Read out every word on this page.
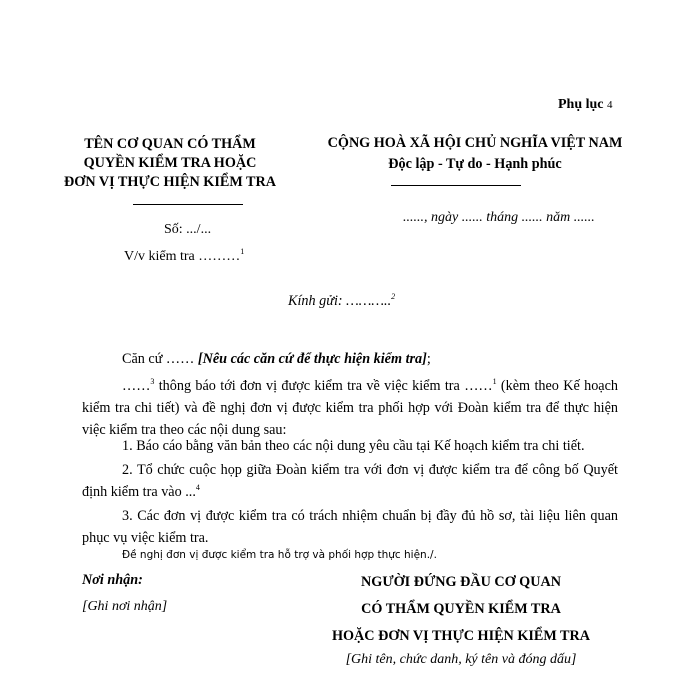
Phụ lục 4
TÊN CƠ QUAN CÓ THẨM
QUYỀN KIỂM TRA HOẶC
ĐƠN VỊ THỰC HIỆN KIỂM TRA
Số: .../...
V/v kiểm tra ………$^1$
CỘNG HOÀ XÃ HỘI CHỦ NGHĨA VIỆT NAM
Độc lập - Tự do - Hạnh phúc
......, ngày ...... tháng ...... năm ......
Kính gửi: ………..$^2$
Căn cứ …… [Nêu các căn cứ để thực hiện kiểm tra];
……$^3$ thông báo tới đơn vị được kiểm tra về việc kiểm tra ……$^1$ (kèm theo Kế hoạch kiểm tra chi tiết) và đề nghị đơn vị được kiểm tra phối hợp với Đoàn kiểm tra để thực hiện việc kiểm tra theo các nội dung sau:
1. Báo cáo bằng văn bản theo các nội dung yêu cầu tại Kế hoạch kiểm tra chi tiết.
2. Tổ chức cuộc họp giữa Đoàn kiểm tra với đơn vị được kiểm tra để công bố Quyết định kiểm tra vào ...$^4$
3. Các đơn vị được kiểm tra có trách nhiệm chuẩn bị đầy đủ hồ sơ, tài liệu liên quan phục vụ việc kiểm tra.
Đề nghị đơn vị được kiểm tra hỗ trợ và phối hợp thực hiện./.
Nơi nhận:
[Ghi nơi nhận]
NGƯỜI ĐỨNG ĐẦU CƠ QUAN
CÓ THẨM QUYỀN KIỂM TRA
HOẶC ĐƠN VỊ THỰC HIỆN KIỂM TRA
[Ghi tên, chức danh, ký tên và đóng dấu]
